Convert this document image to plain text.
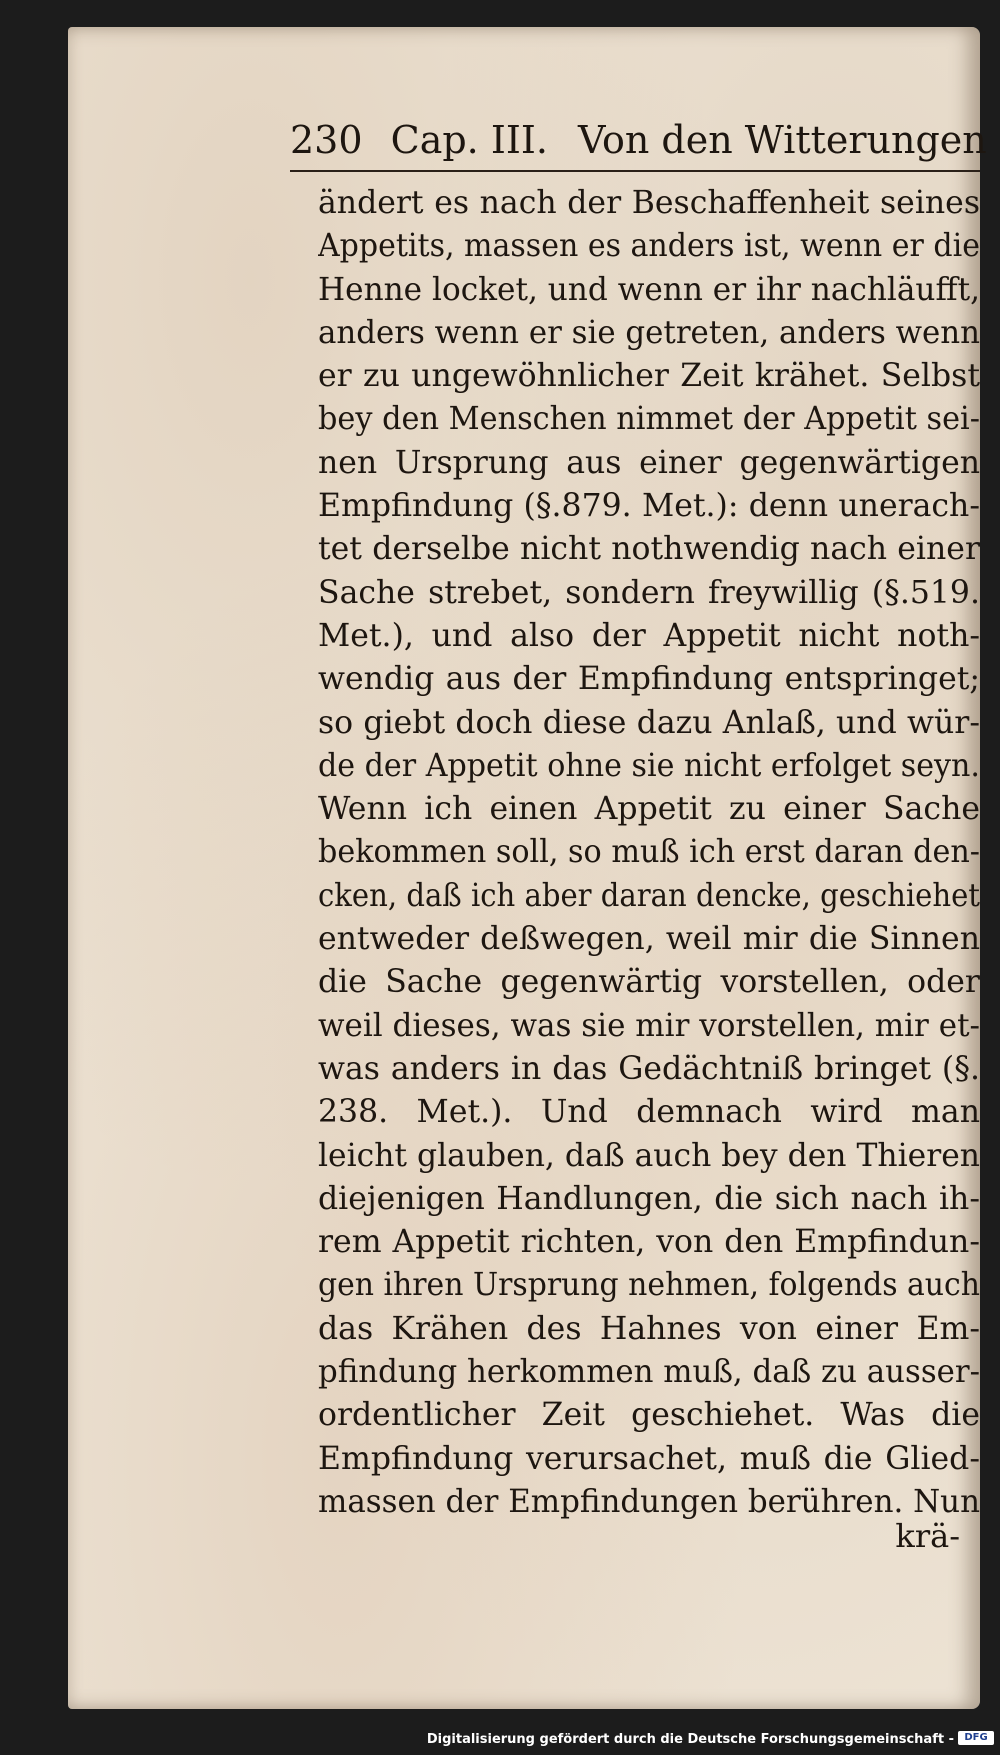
230 Cap. III. Von den Witterungen
ändert es nach der Beschaffenheit seines
Appetits, massen es anders ist, wenn er die
Henne locket, und wenn er ihr nachläufft,
anders wenn er sie getreten, anders wenn
er zu ungewöhnlicher Zeit krähet. Selbst
bey den Menschen nimmet der Appetit sei-
nen Ursprung aus einer gegenwärtigen
Empfindung (§.879. Met.): denn unerach-
tet derselbe nicht nothwendig nach einer
Sache strebet, sondern freywillig (§.519.
Met.), und also der Appetit nicht noth-
wendig aus der Empfindung entspringet;
so giebt doch diese dazu Anlaß, und wür-
de der Appetit ohne sie nicht erfolget seyn.
Wenn ich einen Appetit zu einer Sache
bekommen soll, so muß ich erst daran den-
cken, daß ich aber daran dencke, geschiehet
entweder deßwegen, weil mir die Sinnen
die Sache gegenwärtig vorstellen, oder
weil dieses, was sie mir vorstellen, mir et-
was anders in das Gedächtniß bringet (§.
238. Met.). Und demnach wird man
leicht glauben, daß auch bey den Thieren
diejenigen Handlungen, die sich nach ih-
rem Appetit richten, von den Empfindun-
gen ihren Ursprung nehmen, folgends auch
das Krähen des Hahnes von einer Em-
pfindung herkommen muß, daß zu ausser-
ordentlicher Zeit geschiehet. Was die
Empfindung verursachet, muß die Glied-
massen der Empfindungen berühren. Nun
krä-
Digitalisierung gefördert durch die Deutsche Forschungsgemeinschaft -	DFG
